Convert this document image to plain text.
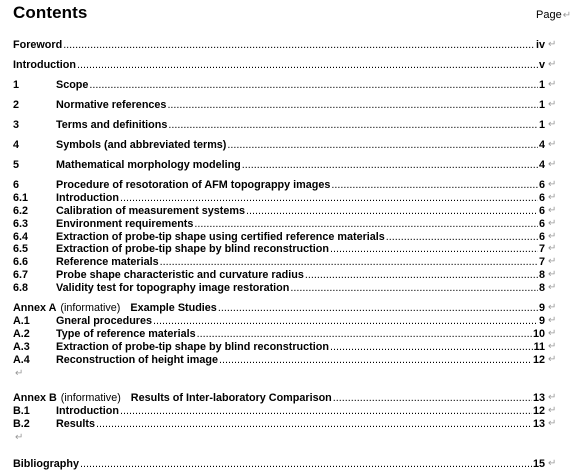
Contents	Page↵
Foreword .....	iv ↵
Introduction .....	v ↵
1	Scope .....	1 ↵
2	Normative references .....	1 ↵
3	Terms and definitions .....	1 ↵
4	Symbols (and abbreviated terms) .....	4 ↵
5	Mathematical morphology modeling .....	4 ↵
6	Procedure of resotoration of AFM topograppy images .....	6 ↵
6.1	Introduction .....	6 ↵
6.2	Calibration of measurement systems .....	6 ↵
6.3	Environment requirements .....	6 ↵
6.4	Extraction of probe-tip shape using certified reference materials .....	6 ↵
6.5	Extraction of probe-tip shape by blind reconstruction .....	7 ↵
6.6	Reference materials .....	7 ↵
6.7	Probe shape characteristic and curvature radius .....	8 ↵
6.8	Validity test for topography image restoration .....	8 ↵
Annex A (informative) Example Studies .....	9 ↵
A.1	Gneral procedures .....	9 ↵
A.2	Type of reference materials .....	10 ↵
A.3	Extraction of probe-tip shape by blind reconstruction .....	11 ↵
A.4	Reconstruction of height image .....	12 ↵
Annex B (informative) Results of Inter-laboratory Comparison .....	13 ↵
B.1	Introduction .....	12 ↵
B.2	Results .....	13 ↵
Bibliography .....	15 ↵
↵
↵
